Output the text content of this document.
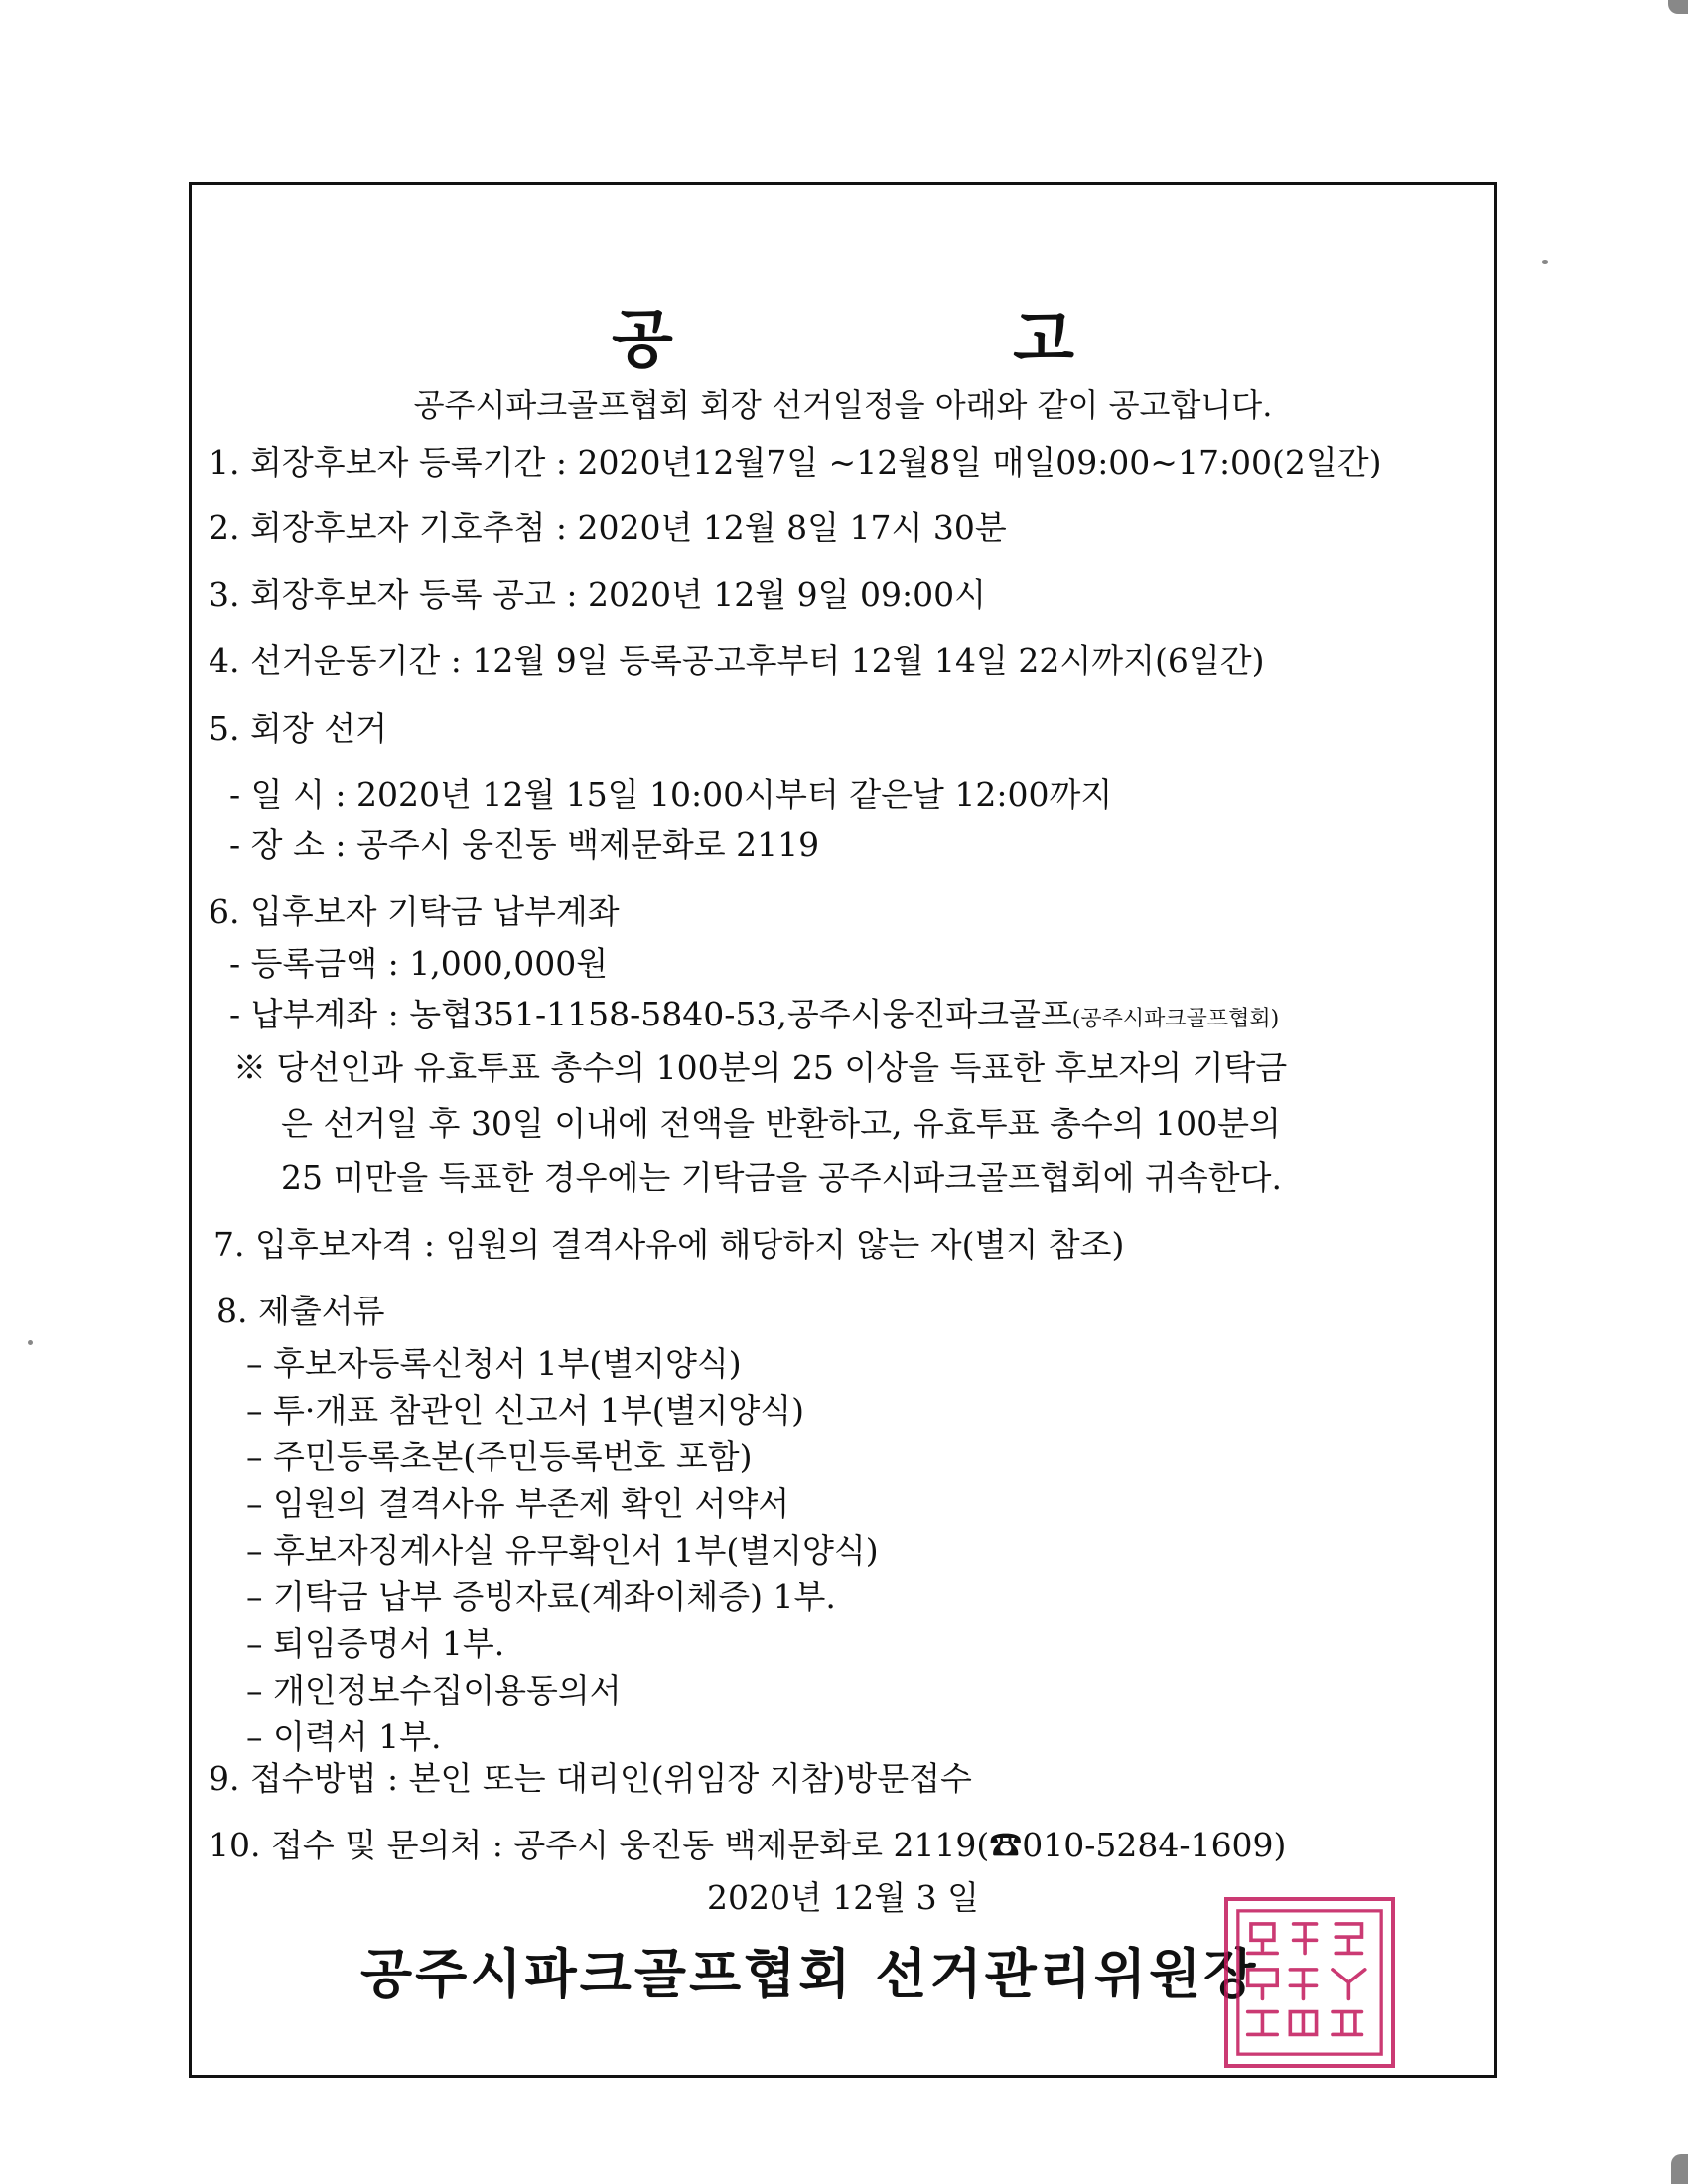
공 고
공주시파크골프협회 회장 선거일정을 아래와 같이 공고합니다.
1. 회장후보자 등록기간 : 2020년12월7일 ~12월8일 매일09:00~17:00(2일간)
2. 회장후보자 기호추첨 : 2020년 12월 8일 17시 30분
3. 회장후보자 등록 공고 : 2020년 12월 9일 09:00시
4. 선거운동기간 : 12월 9일 등록공고후부터 12월 14일 22시까지(6일간)
5. 회장 선거
- 일 시 : 2020년 12월 15일 10:00시부터 같은날 12:00까지
- 장 소 : 공주시 웅진동 백제문화로 2119
6. 입후보자 기탁금 납부계좌
- 등록금액 : 1,000,000원
- 납부계좌 : 농협351-1158-5840-53,공주시웅진파크골프(공주시파크골프협회)
※ 당선인과 유효투표 총수의 100분의 25 이상을 득표한 후보자의 기탁금
은 선거일 후 30일 이내에 전액을 반환하고, 유효투표 총수의 100분의
25 미만을 득표한 경우에는 기탁금을 공주시파크골프협회에 귀속한다.
7. 입후보자격 : 임원의 결격사유에 해당하지 않는 자(별지 참조)
8. 제출서류
– 후보자등록신청서 1부(별지양식)
– 투·개표 참관인 신고서 1부(별지양식)
– 주민등록초본(주민등록번호 포함)
– 임원의 결격사유 부존제 확인 서약서
– 후보자징계사실 유무확인서 1부(별지양식)
– 기탁금 납부 증빙자료(계좌이체증) 1부.
– 퇴임증명서 1부.
– 개인정보수집이용동의서
– 이력서 1부.
9. 접수방법 : 본인 또는 대리인(위임장 지참)방문접수
10. 접수 및 문의처 : 공주시 웅진동 백제문화로 2119(☎010-5284-1609)
2020년 12월 3 일
공주시파크골프협회 선거관리위원장
